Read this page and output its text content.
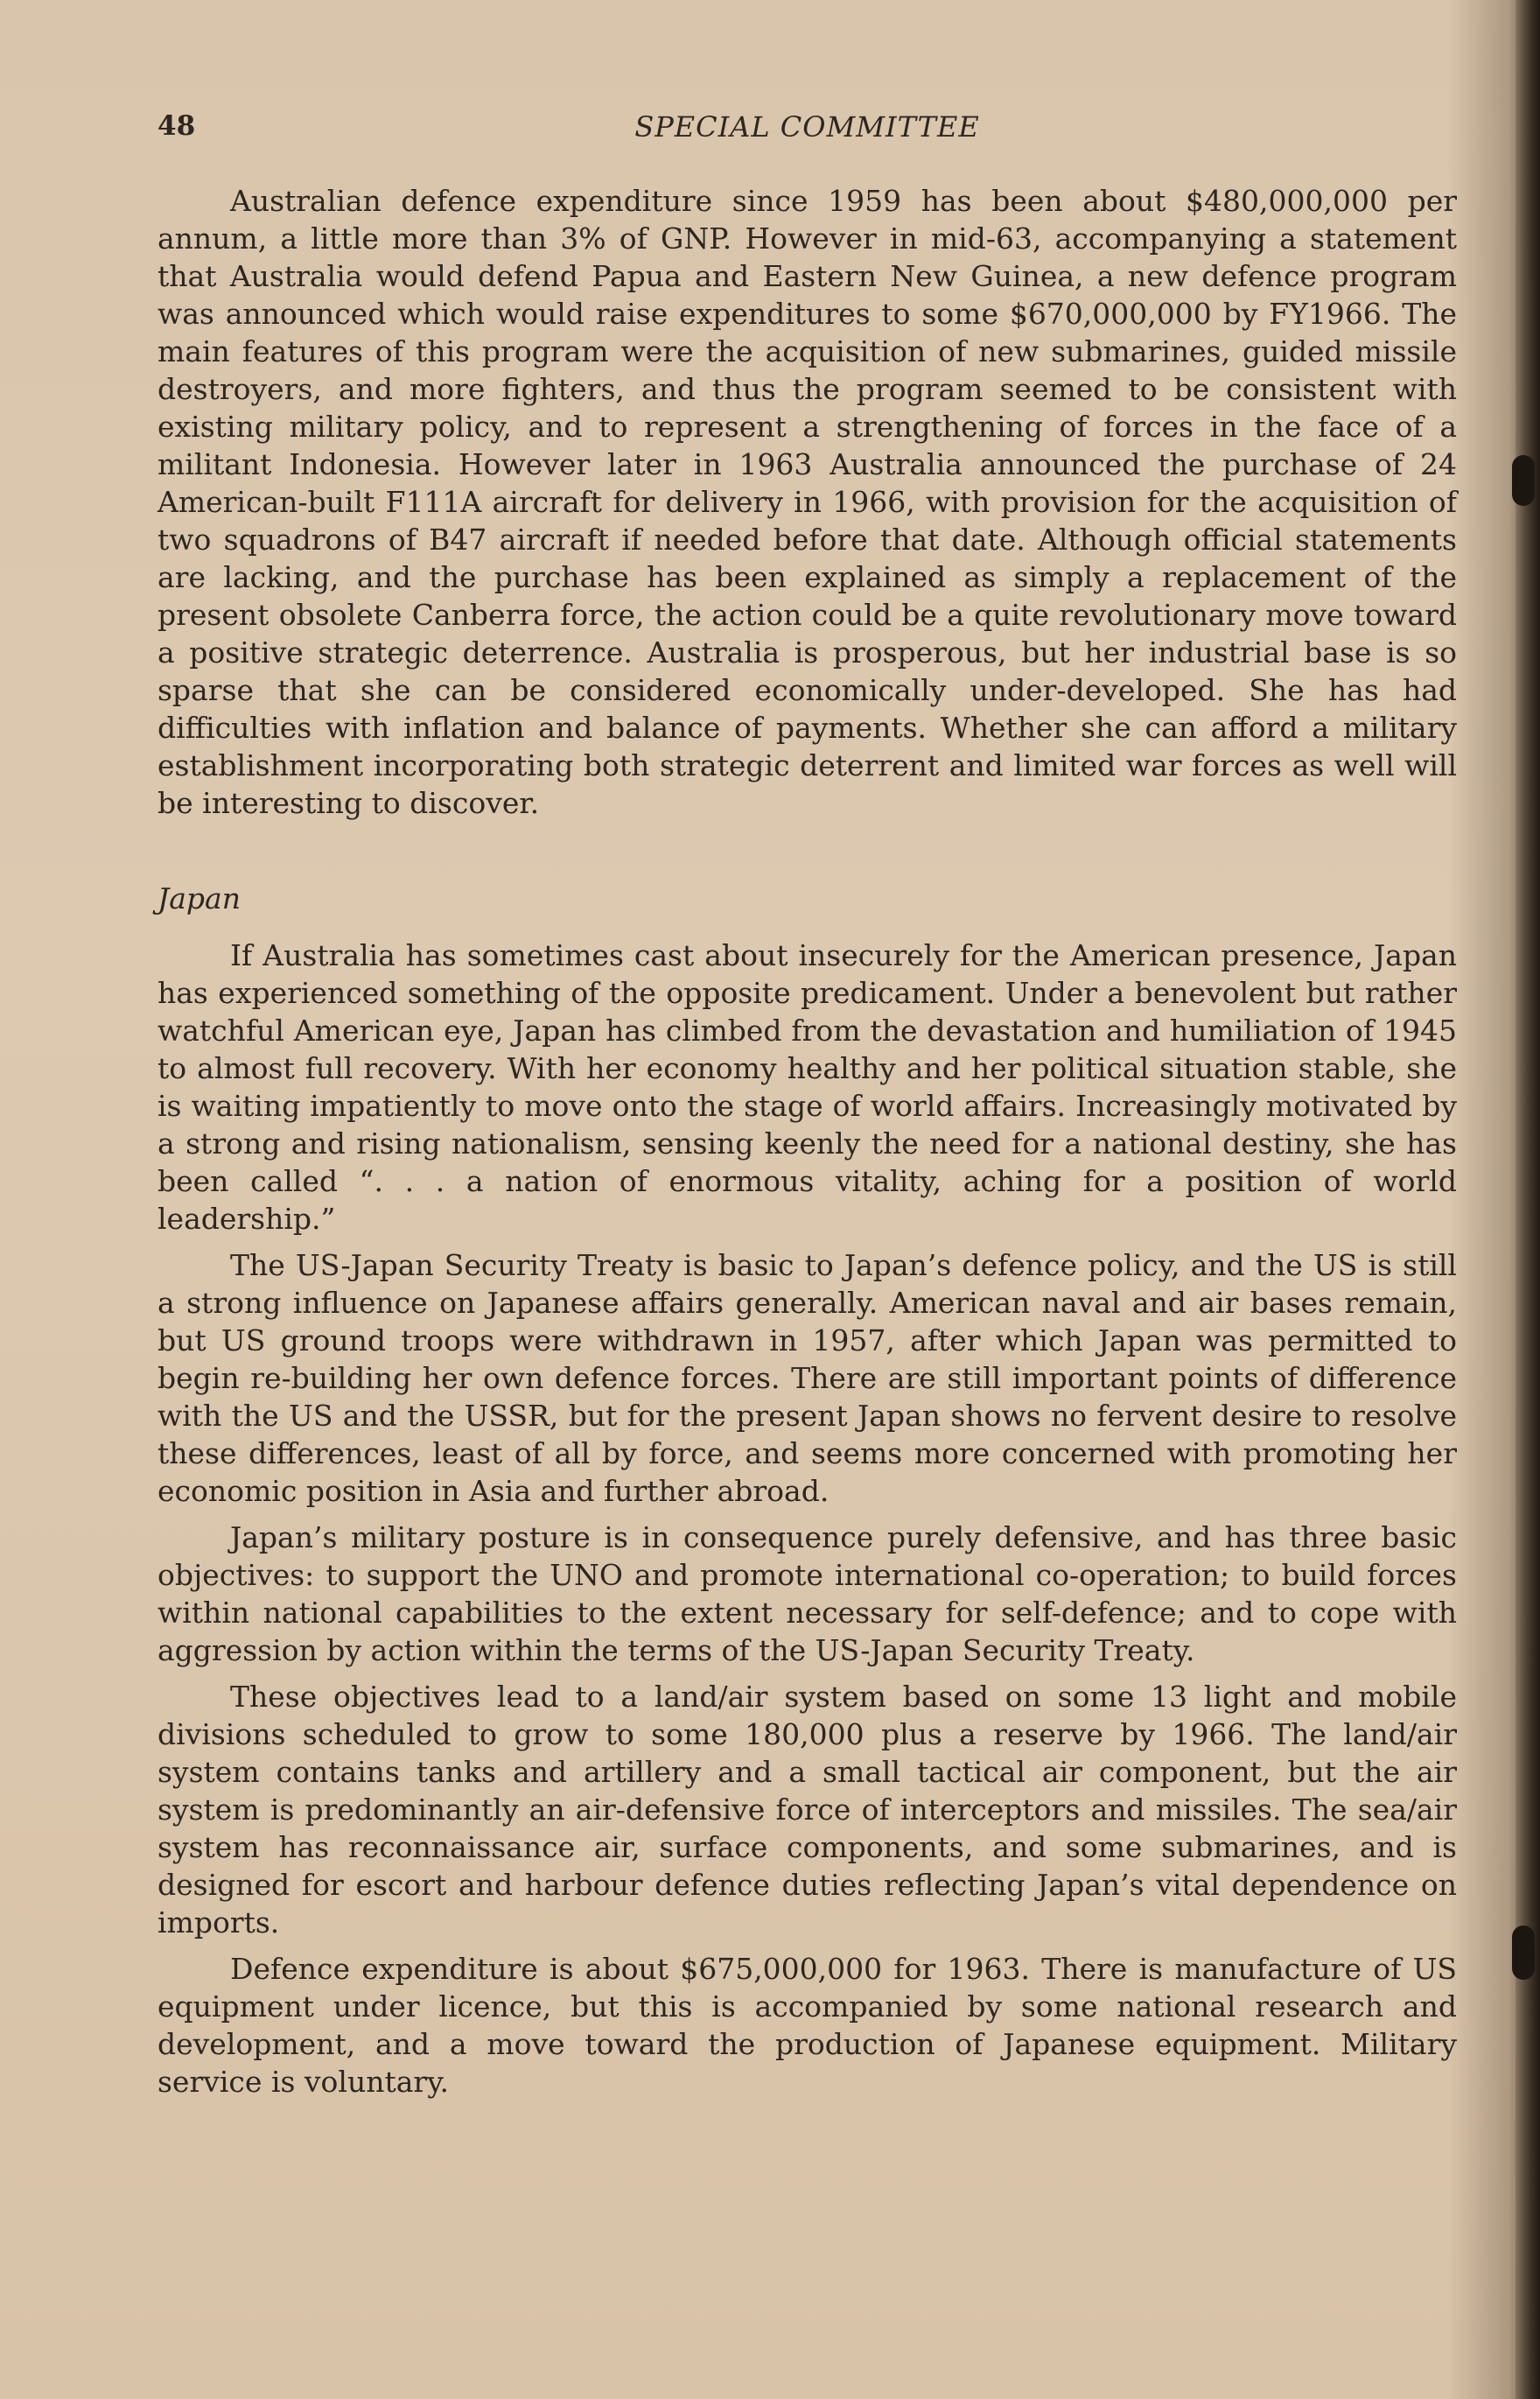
48	SPECIAL COMMITTEE

Australian defence expenditure since 1959 has been about $480,000,000 per annum, a little more than 3% of GNP. However in mid-63, accompanying a statement that Australia would defend Papua and Eastern New Guinea, a new defence program was announced which would raise expenditures to some $670,000,000 by FY1966. The main features of this program were the acquisition of new submarines, guided missile destroyers, and more fighters, and thus the program seemed to be consistent with existing military policy, and to represent a strengthening of forces in the face of a militant Indonesia. However later in 1963 Australia announced the purchase of 24 American-built F111A aircraft for delivery in 1966, with provision for the acquisition of two squadrons of B47 aircraft if needed before that date. Although official statements are lacking, and the purchase has been explained as simply a replacement of the present obsolete Canberra force, the action could be a quite revolutionary move toward a positive strategic deterrence. Australia is prosperous, but her industrial base is so sparse that she can be considered economically under-developed. She has had difficulties with inflation and balance of payments. Whether she can afford a military establishment incorporating both strategic deterrent and limited war forces as well will be interesting to discover.

Japan

If Australia has sometimes cast about insecurely for the American presence, Japan has experienced something of the opposite predicament. Under a benevolent but rather watchful American eye, Japan has climbed from the devastation and humiliation of 1945 to almost full recovery. With her economy healthy and her political situation stable, she is waiting impatiently to move onto the stage of world affairs. Increasingly motivated by a strong and rising nationalism, sensing keenly the need for a national destiny, she has been called “. . . a nation of enormous vitality, aching for a position of world leadership.”

The US-Japan Security Treaty is basic to Japan’s defence policy, and the US is still a strong influence on Japanese affairs generally. American naval and air bases remain, but US ground troops were withdrawn in 1957, after which Japan was permitted to begin re-building her own defence forces. There are still important points of difference with the US and the USSR, but for the present Japan shows no fervent desire to resolve these differences, least of all by force, and seems more concerned with promoting her economic position in Asia and further abroad.

Japan’s military posture is in consequence purely defensive, and has three basic objectives: to support the UNO and promote international co-operation; to build forces within national capabilities to the extent necessary for self-defence; and to cope with aggression by action within the terms of the US-Japan Security Treaty.

These objectives lead to a land/air system based on some 13 light and mobile divisions scheduled to grow to some 180,000 plus a reserve by 1966. The land/air system contains tanks and artillery and a small tactical air component, but the air system is predominantly an air-defensive force of interceptors and missiles. The sea/air system has reconnaissance air, surface components, and some submarines, and is designed for escort and harbour defence duties reflecting Japan’s vital dependence on imports.

Defence expenditure is about $675,000,000 for 1963. There is manufacture of US equipment under licence, but this is accompanied by some national research and development, and a move toward the production of Japanese equipment. Military service is voluntary.
